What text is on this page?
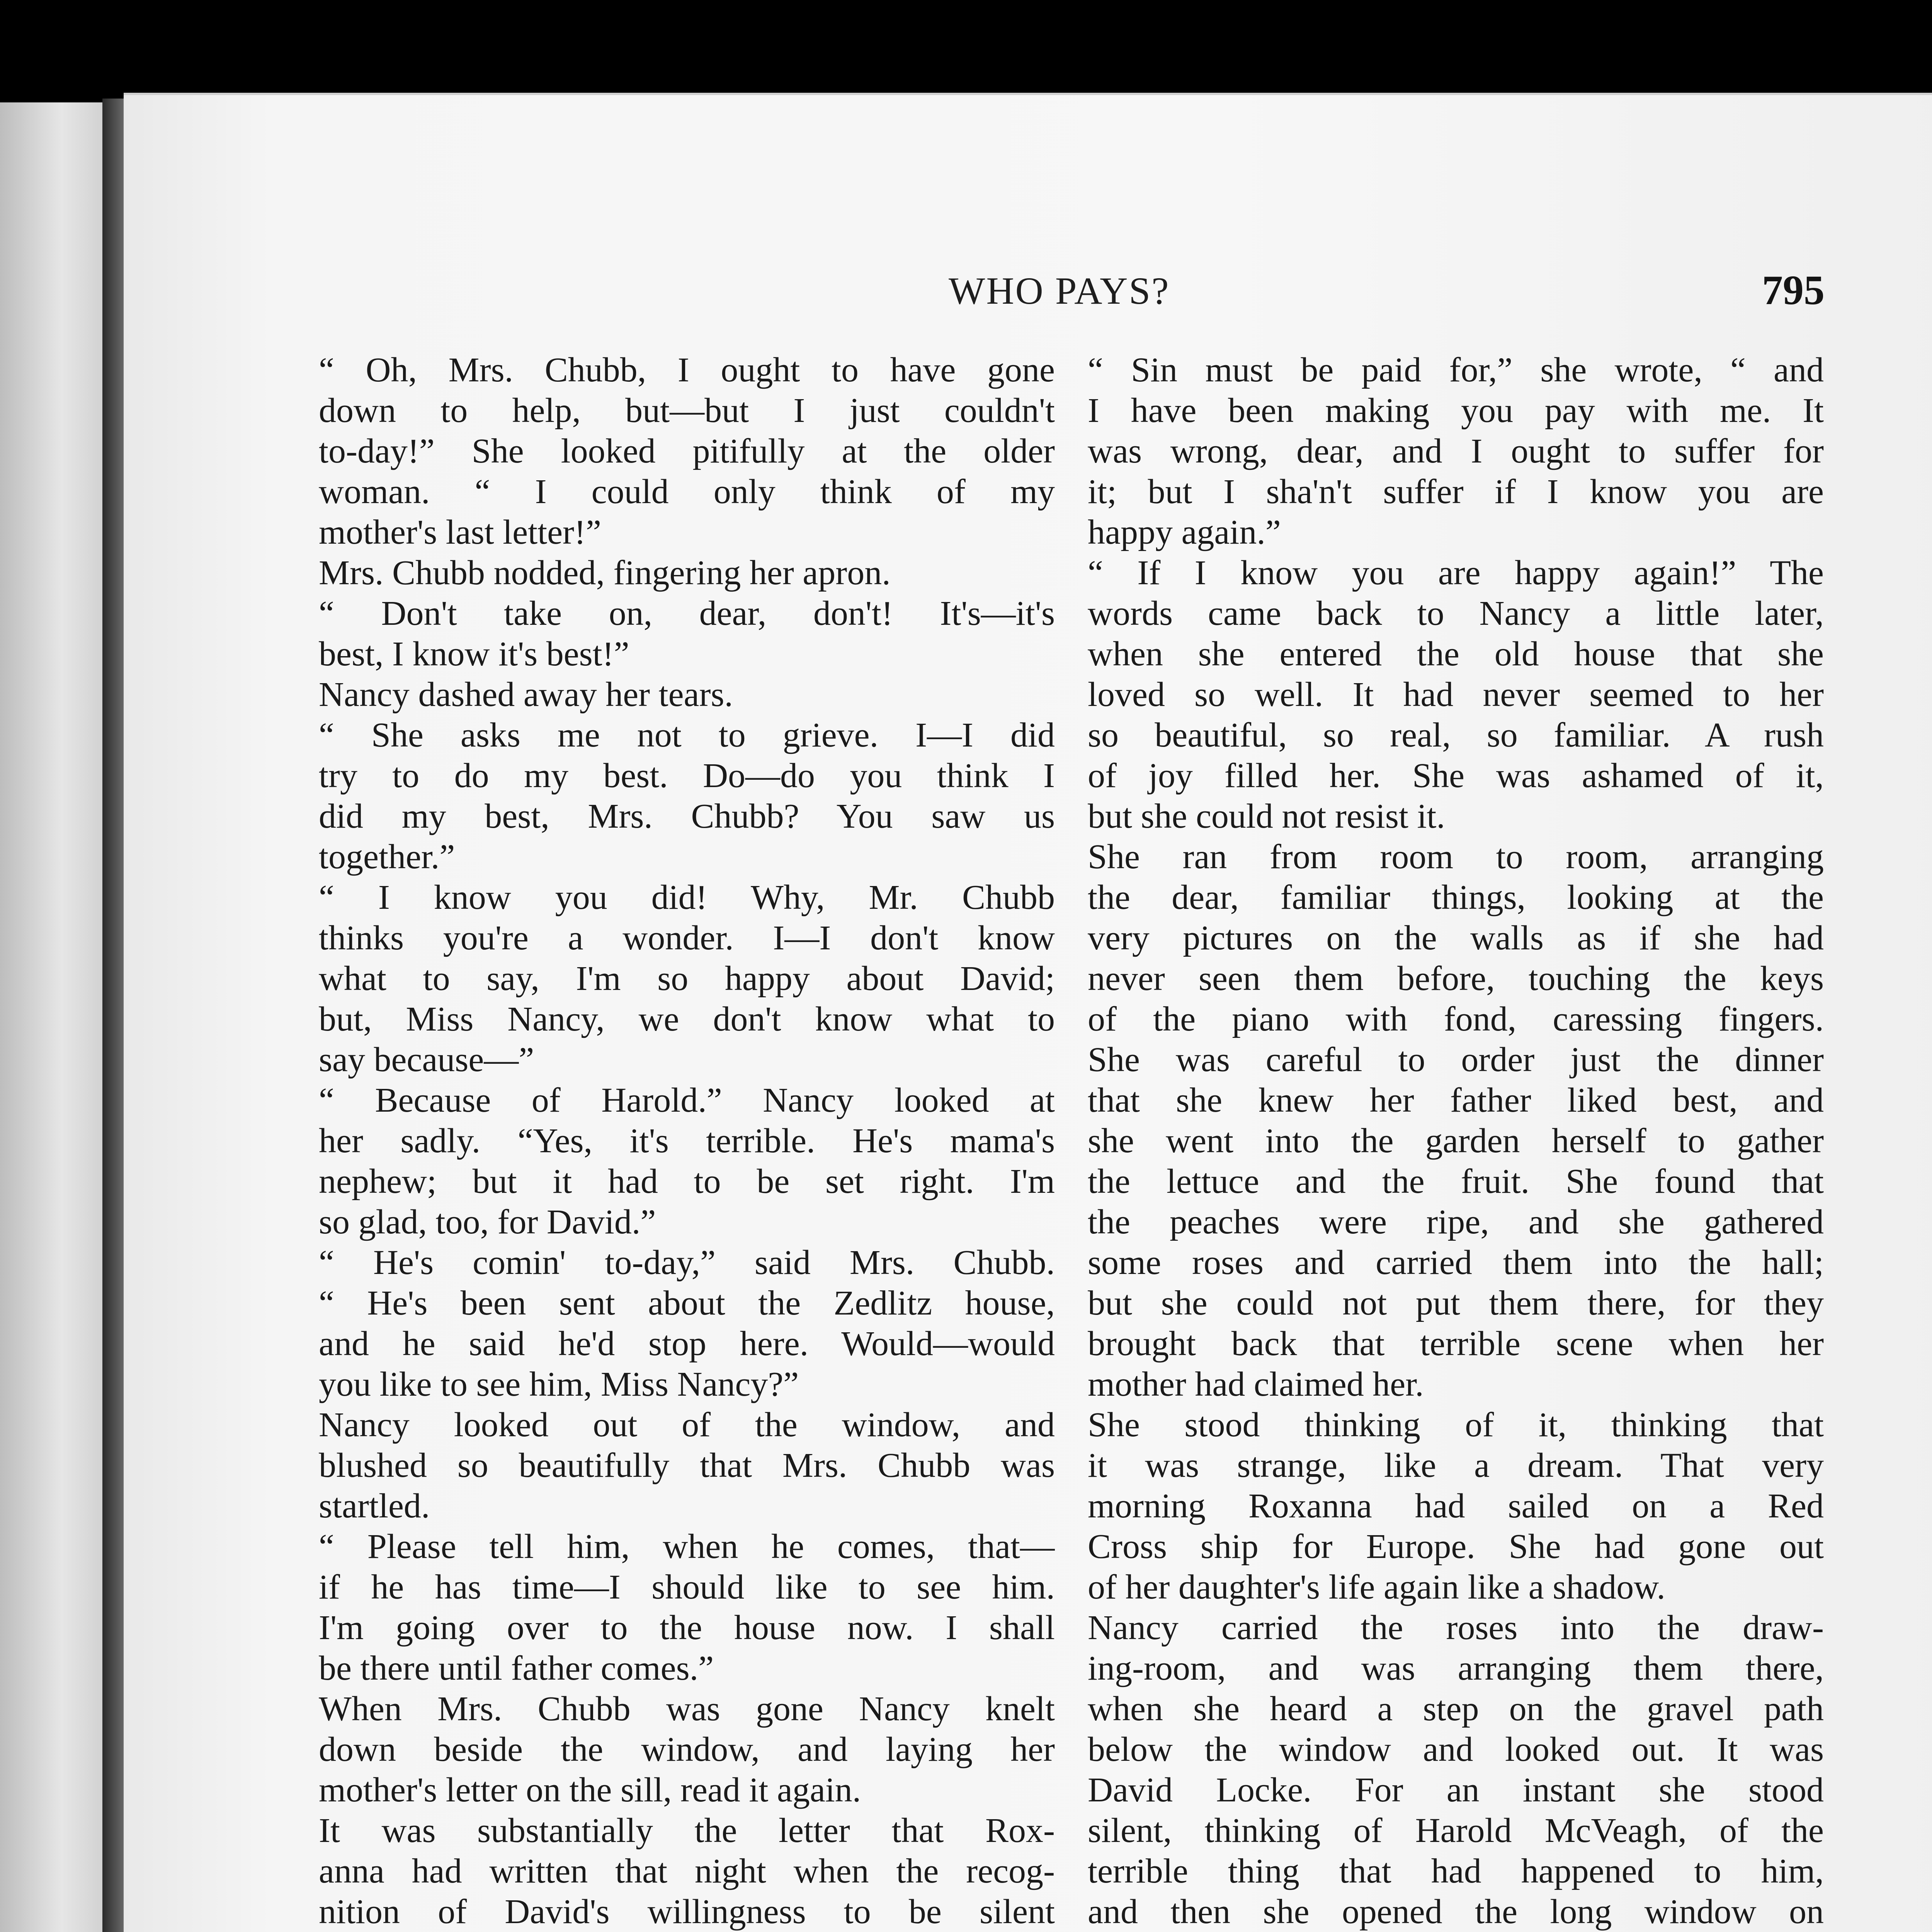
WHO PAYS?	795
“ Oh, Mrs. Chubb, I ought to have gone
down to help, but—but I just couldn't
to-day!” She looked pitifully at the older
woman. “ I could only think of my
mother's last letter!”
Mrs. Chubb nodded, fingering her apron.
“ Don't take on, dear, don't! It's—it's
best, I know it's best!”
Nancy dashed away her tears.
“ She asks me not to grieve. I—I did
try to do my best. Do—do you think I
did my best, Mrs. Chubb? You saw us
together.”
“ I know you did! Why, Mr. Chubb
thinks you're a wonder. I—I don't know
what to say, I'm so happy about David;
but, Miss Nancy, we don't know what to
say because—”
“ Because of Harold.” Nancy looked at
her sadly. “Yes, it's terrible. He's mama's
nephew; but it had to be set right. I'm
so glad, too, for David.”
“ He's comin' to-day,” said Mrs. Chubb.
“ He's been sent about the Zedlitz house,
and he said he'd stop here. Would—would
you like to see him, Miss Nancy?”
Nancy looked out of the window, and
blushed so beautifully that Mrs. Chubb was
startled.
“ Please tell him, when he comes, that—
if he has time—I should like to see him.
I'm going over to the house now. I shall
be there until father comes.”
When Mrs. Chubb was gone Nancy knelt
down beside the window, and laying her
mother's letter on the sill, read it again.
It was substantially the letter that Rox-
anna had written that night when the recog-
nition of David's willingness to be silent
“ Sin must be paid for,” she wrote, “ and
I have been making you pay with me. It
was wrong, dear, and I ought to suffer for
it; but I sha'n't suffer if I know you are
happy again.”
“ If I know you are happy again!” The
words came back to Nancy a little later,
when she entered the old house that she
loved so well. It had never seemed to her
so beautiful, so real, so familiar. A rush
of joy filled her. She was ashamed of it,
but she could not resist it.
She ran from room to room, arranging
the dear, familiar things, looking at the
very pictures on the walls as if she had
never seen them before, touching the keys
of the piano with fond, caressing fingers.
She was careful to order just the dinner
that she knew her father liked best, and
she went into the garden herself to gather
the lettuce and the fruit. She found that
the peaches were ripe, and she gathered
some roses and carried them into the hall;
but she could not put them there, for they
brought back that terrible scene when her
mother had claimed her.
She stood thinking of it, thinking that
it was strange, like a dream. That very
morning Roxanna had sailed on a Red
Cross ship for Europe. She had gone out
of her daughter's life again like a shadow.
Nancy carried the roses into the draw-
ing-room, and was arranging them there,
when she heard a step on the gravel path
below the window and looked out. It was
David Locke. For an instant she stood
silent, thinking of Harold McVeagh, of the
terrible thing that had happened to him,
and then she opened the long window on
